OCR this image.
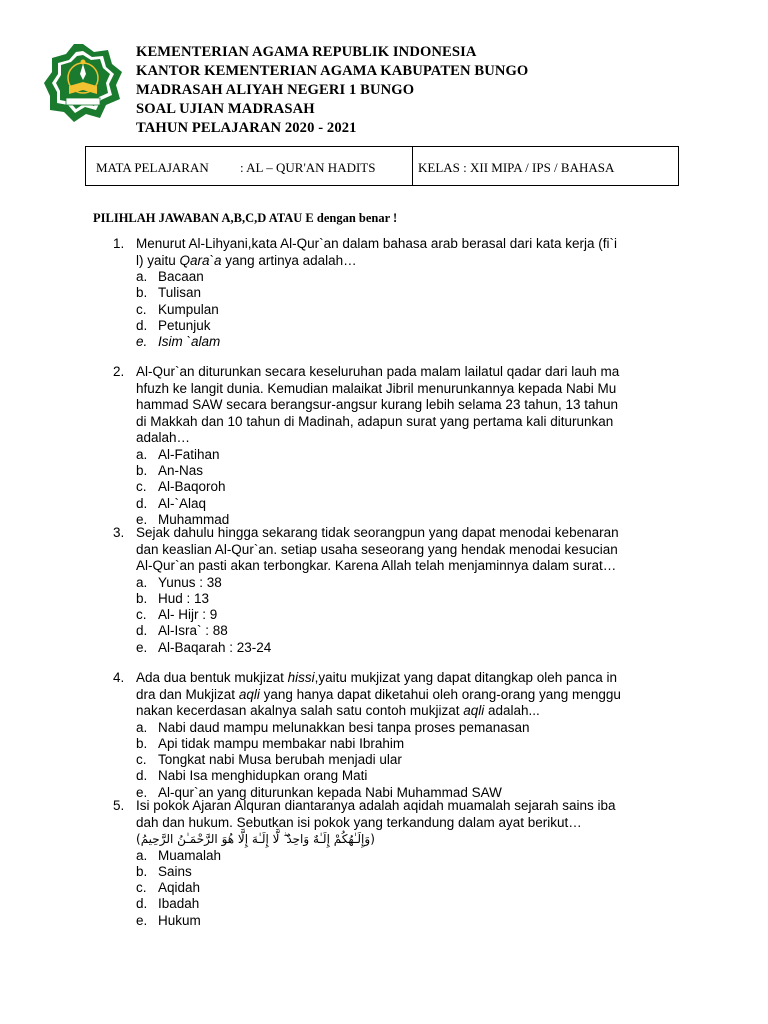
KEMENTERIAN AGAMA REPUBLIK INDONESIA
KANTOR KEMENTERIAN AGAMA KABUPATEN BUNGO
MADRASAH ALIYAH NEGERI 1 BUNGO
SOAL UJIAN MADRASAH
TAHUN PELAJARAN 2020 - 2021
MATA PELAJARAN	: AL – QUR'AN HADITS	KELAS : XII MIPA / IPS / BAHASA
PILIHLAH JAWABAN A,B,C,D ATAU E dengan benar !
1. Menurut Al-Lihyani,kata Al-Qur`an dalam bahasa arab berasal dari kata kerja (fi`i
l) yaitu Qara`a yang artinya adalah…
a. Bacaan
b. Tulisan
c. Kumpulan
d. Petunjuk
e. Isim `alam
2. Al-Qur`an diturunkan secara keseluruhan pada malam lailatul qadar dari lauh ma
hfuzh ke langit dunia. Kemudian malaikat Jibril menurunkannya kepada Nabi Mu
hammad SAW secara berangsur-angsur kurang lebih selama 23 tahun, 13 tahun
di Makkah dan 10 tahun di Madinah, adapun surat yang pertama kali diturunkan
adalah…
a. Al-Fatihan
b. An-Nas
c. Al-Baqoroh
d. Al-`Alaq
e. Muhammad
3. Sejak dahulu hingga sekarang tidak seorangpun yang dapat menodai kebenaran
dan keaslian Al-Qur`an. setiap usaha seseorang yang hendak menodai kesucian
Al-Qur`an pasti akan terbongkar. Karena Allah telah menjaminnya dalam surat…
a. Yunus : 38
b. Hud : 13
c. Al- Hijr : 9
d. Al-Isra` : 88
e. Al-Baqarah : 23-24
4. Ada dua bentuk mukjizat hissi,yaitu mukjizat yang dapat ditangkap oleh panca in
dra dan Mukjizat aqli yang hanya dapat diketahui oleh orang-orang yang menggu
nakan kecerdasan akalnya salah satu contoh mukjizat aqli adalah...
a. Nabi daud mampu melunakkan besi tanpa proses pemanasan
b. Api tidak mampu membakar nabi Ibrahim
c. Tongkat nabi Musa berubah menjadi ular
d. Nabi Isa menghidupkan orang Mati
e. Al-qur`an yang diturunkan kepada Nabi Muhammad SAW
5. Isi pokok Ajaran Alquran diantaranya adalah aqidah muamalah sejarah sains iba
dah dan hukum. Sebutkan isi pokok yang terkandung dalam ayat berikut…
(وَإِلَـٰهُكُمْ إِلَـٰهٌ وَاحِدٌ ۖ لَّا إِلَـٰهَ إِلَّا هُوَ الرَّحْمَـٰنُ الرَّحِيمُ)
a. Muamalah
b. Sains
c. Aqidah
d. Ibadah
e. Hukum
